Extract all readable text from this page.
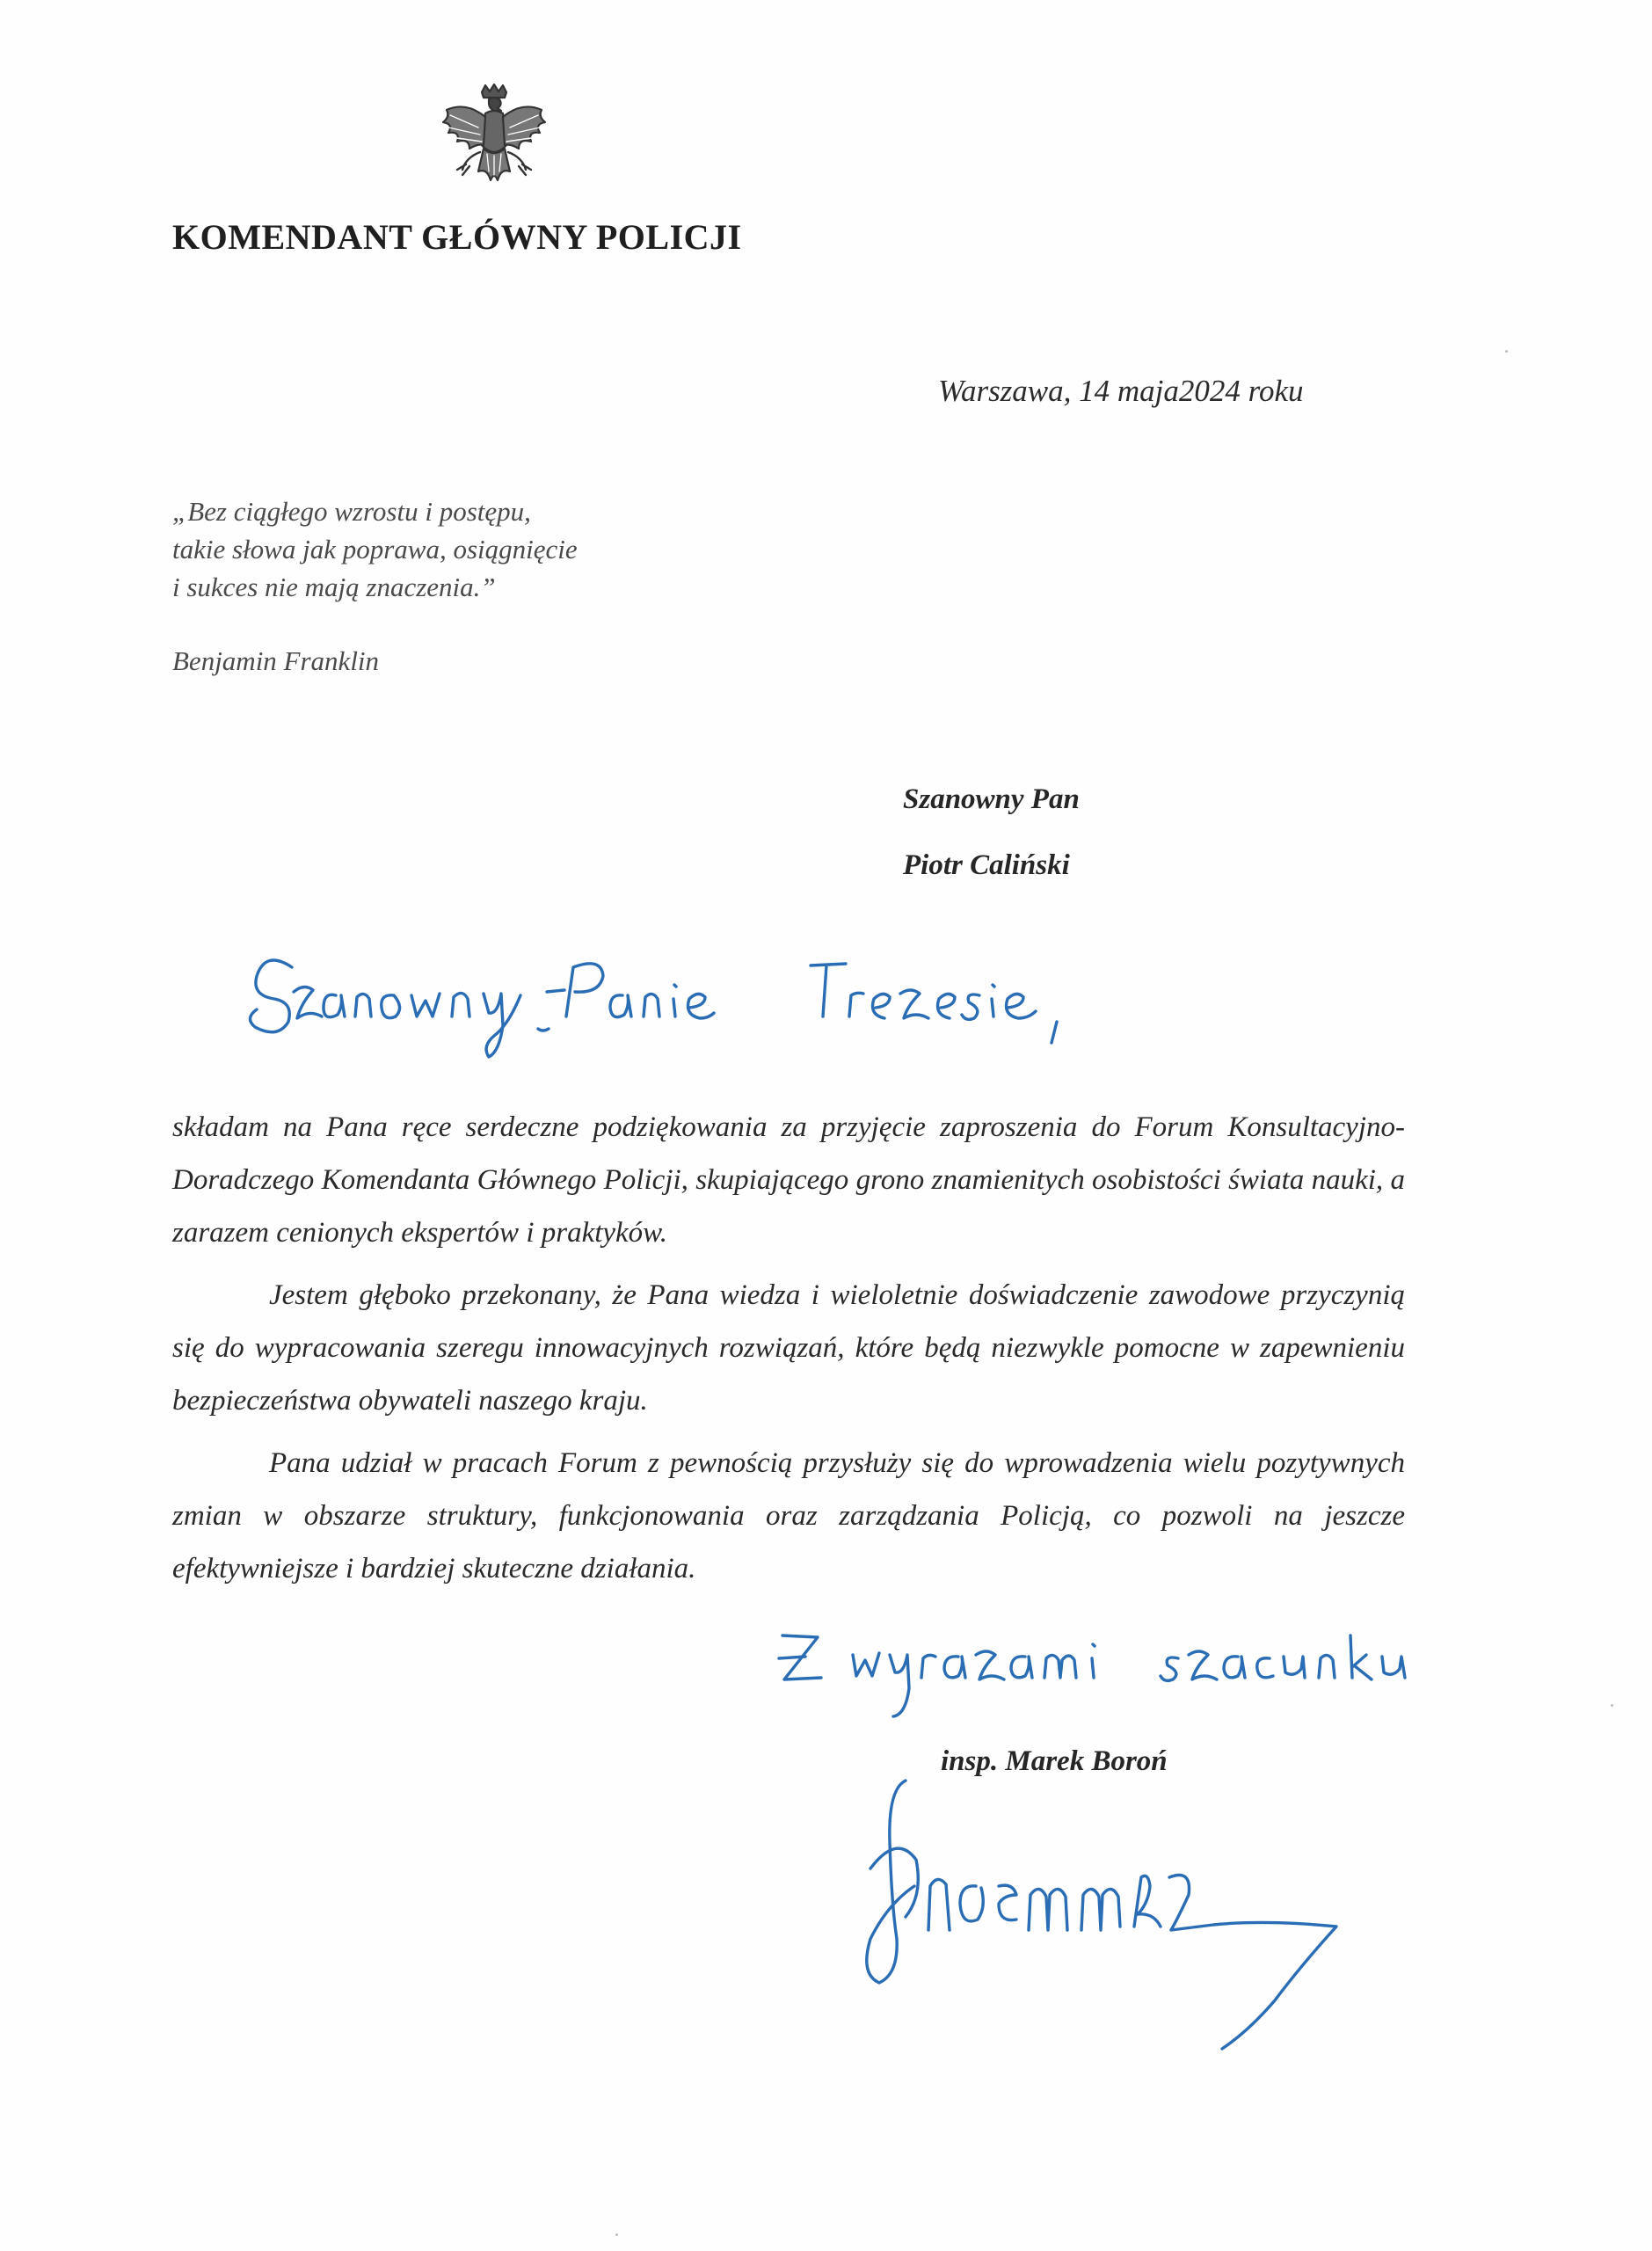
KOMENDANT GŁÓWNY POLICJI
Warszawa, 14 maja2024 roku
„Bez ciągłego wzrostu i postępu,
takie słowa jak poprawa, osiągnięcie
i sukces nie mają znaczenia.”
Benjamin Franklin
Szanowny Pan
Piotr Caliński

składam na Pana ręce serdeczne podziękowania za przyjęcie zaproszenia do Forum Konsultacyjno-Doradczego Komendanta Głównego Policji, skupiającego grono znamienitych osobistości świata nauki, a zarazem cenionych ekspertów i praktyków.

Jestem głęboko przekonany, że Pana wiedza i wieloletnie doświadczenie zawodowe przyczynią się do wypracowania szeregu innowacyjnych rozwiązań, które będą niezwykle pomocne w zapewnieniu bezpieczeństwa obywateli naszego kraju.

Pana udział w pracach Forum z pewnością przysłuży się do wprowadzenia wielu pozytywnych zmian w obszarze struktury, funkcjonowania oraz zarządzania Policją, co pozwoli na jeszcze efektywniejsze i bardziej skuteczne działania.

insp. Marek Boroń
